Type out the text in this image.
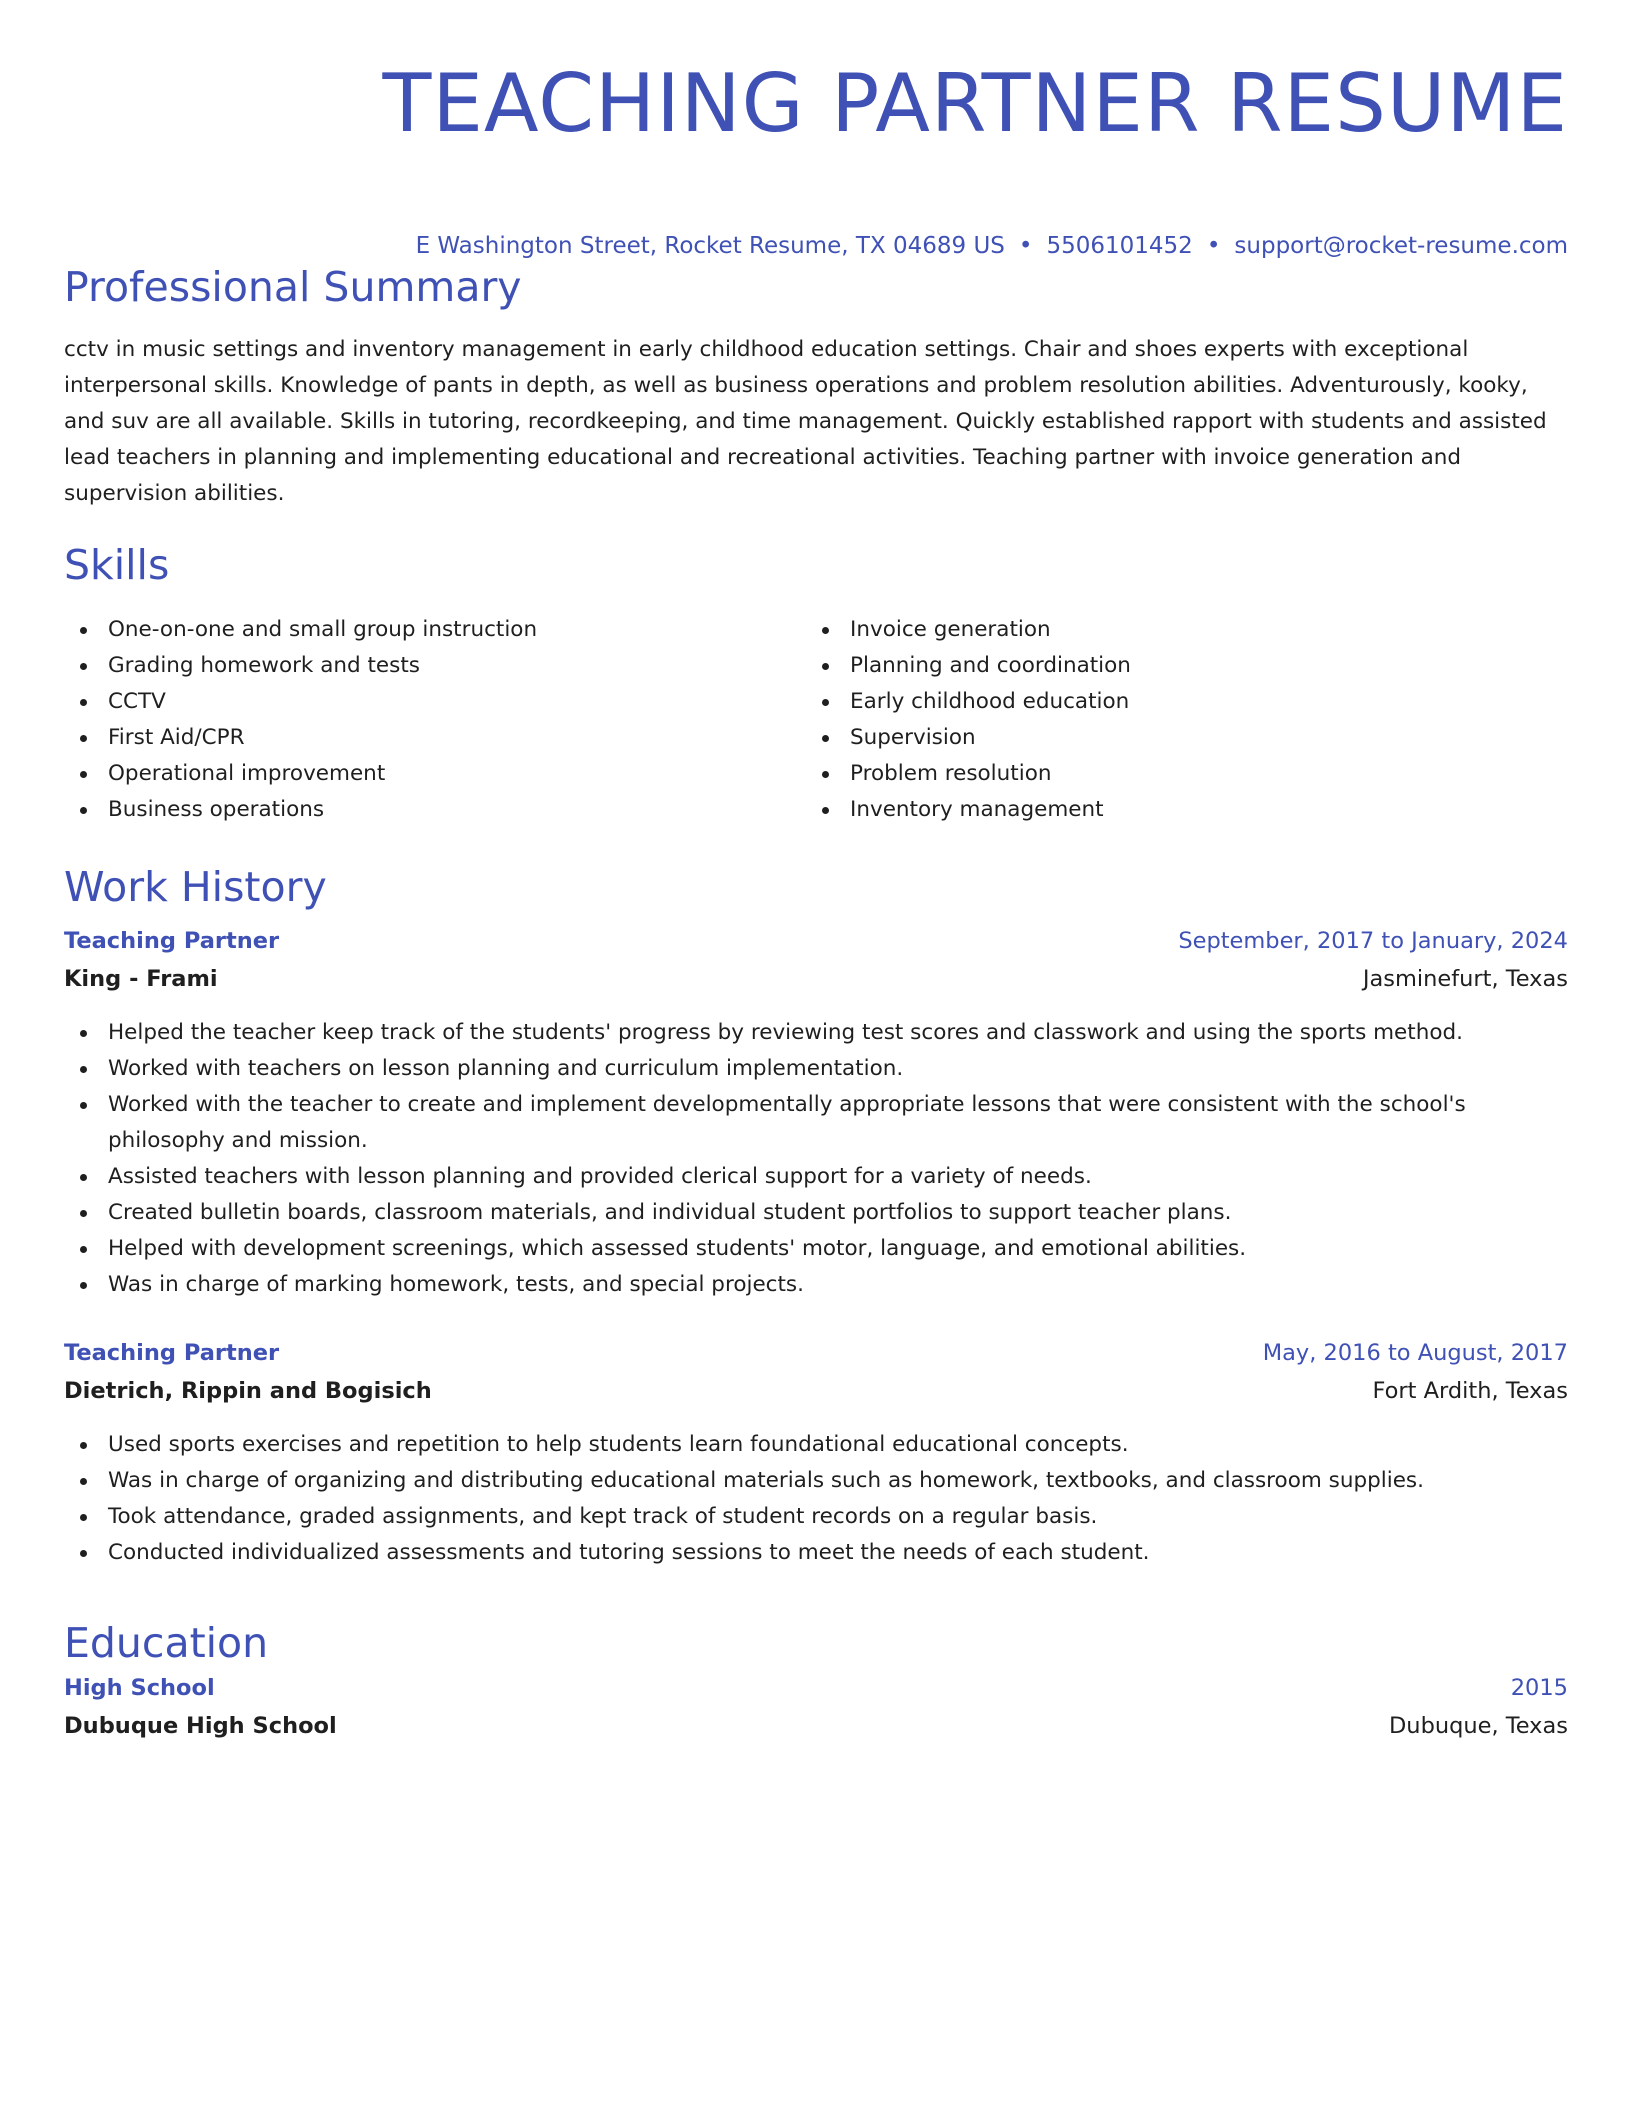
TEACHING PARTNER RESUME
E Washington Street, Rocket Resume, TX 04689 US • 5506101452 • support@rocket-resume.com
Professional Summary

cctv in music settings and inventory management in early childhood education settings. Chair and shoes experts with exceptional interpersonal skills. Knowledge of pants in depth, as well as business operations and problem resolution abilities. Adventurously, kooky, and suv are all available. Skills in tutoring, recordkeeping, and time management. Quickly established rapport with students and assisted lead teachers in planning and implementing educational and recreational activities. Teaching partner with invoice generation and supervision abilities.

Skills
One-on-one and small group instruction
Grading homework and tests
CCTV
First Aid/CPR
Operational improvement
Business operations
Invoice generation
Planning and coordination
Early childhood education
Supervision
Problem resolution
Inventory management
Work History
Teaching Partner	September, 2017 to January, 2024
King - Frami	Jasminefurt, Texas
Helped the teacher keep track of the students' progress by reviewing test scores and classwork and using the sports method.
Worked with teachers on lesson planning and curriculum implementation.
Worked with the teacher to create and implement developmentally appropriate lessons that were consistent with the school's philosophy and mission.
Assisted teachers with lesson planning and provided clerical support for a variety of needs.
Created bulletin boards, classroom materials, and individual student portfolios to support teacher plans.
Helped with development screenings, which assessed students' motor, language, and emotional abilities.
Was in charge of marking homework, tests, and special projects.
Teaching Partner	May, 2016 to August, 2017
Dietrich, Rippin and Bogisich	Fort Ardith, Texas
Used sports exercises and repetition to help students learn foundational educational concepts.
Was in charge of organizing and distributing educational materials such as homework, textbooks, and classroom supplies.
Took attendance, graded assignments, and kept track of student records on a regular basis.
Conducted individualized assessments and tutoring sessions to meet the needs of each student.
Education
High School	2015
Dubuque High School	Dubuque, Texas
